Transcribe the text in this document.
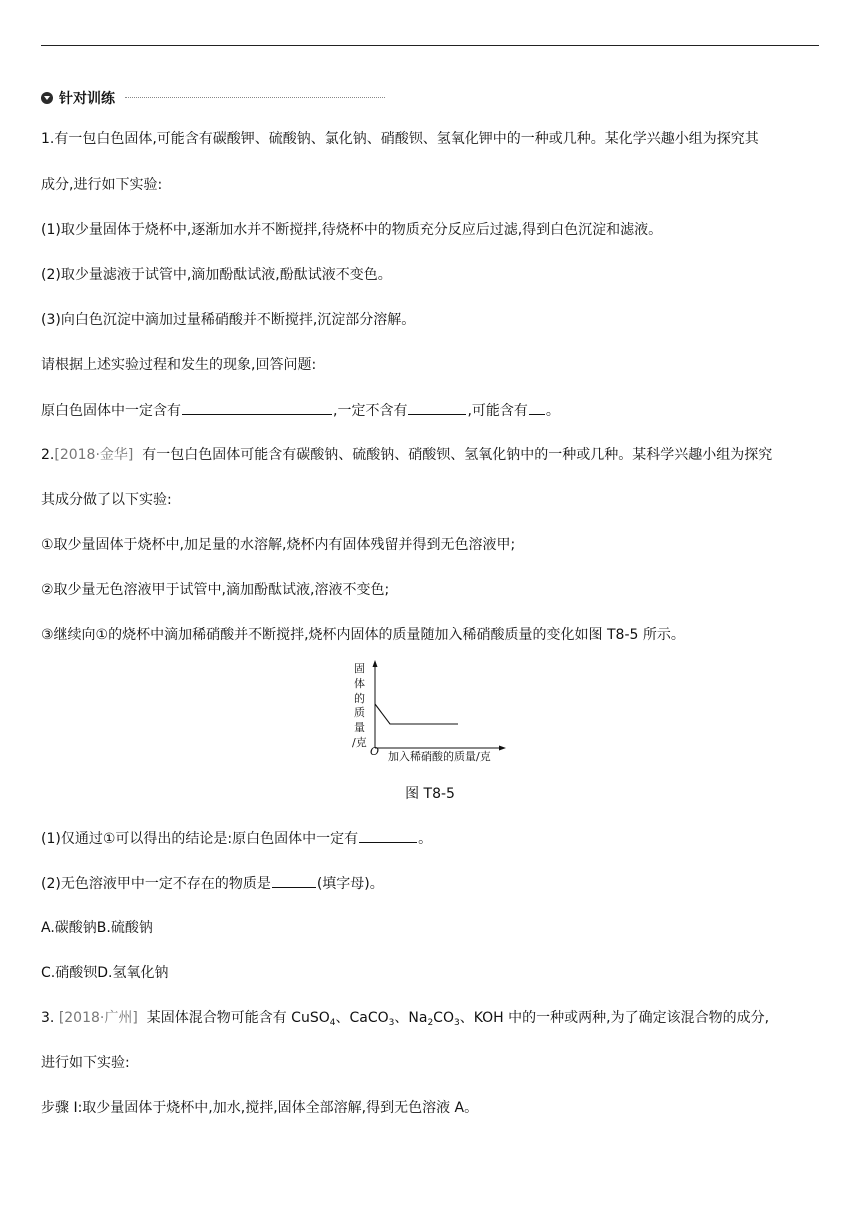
针对训练
1.有一包白色固体,可能含有碳酸钾、硫酸钠、氯化钠、硝酸钡、氢氧化钾中的一种或几种。某化学兴趣小组为探究其
成分,进行如下实验:
(1)取少量固体于烧杯中,逐渐加水并不断搅拌,待烧杯中的物质充分反应后过滤,得到白色沉淀和滤液。
(2)取少量滤液于试管中,滴加酚酞试液,酚酞试液不变色。
(3)向白色沉淀中滴加过量稀硝酸并不断搅拌,沉淀部分溶解。
请根据上述实验过程和发生的现象,回答问题:
原白色固体中一定含有	,一定不含有	,可能含有 。
2.[2018·金华] 有一包白色固体可能含有碳酸钠、硫酸钠、硝酸钡、氢氧化钠中的一种或几种。某科学兴趣小组为探究
其成分做了以下实验:
①取少量固体于烧杯中,加足量的水溶解,烧杯内有固体残留并得到无色溶液甲;
②取少量无色溶液甲于试管中,滴加酚酞试液,溶液不变色;
③继续向①的烧杯中滴加稀硝酸并不断搅拌,烧杯内固体的质量随加入稀硝酸质量的变化如图 T8-5 所示。
固
体
的
质
量
/克
O 加入稀硝酸的质量/克
图 T8-5
(1)仅通过①可以得出的结论是:原白色固体中一定有	。
(2)无色溶液甲中一定不存在的物质是	(填字母)。
A.碳酸钠B.硫酸钠
C.硝酸钡D.氢氧化钠
3. [2018·广州] 某固体混合物可能含有 CuSO$_4$、CaCO$_3$、$Na_2CO_3$、KOH 中的一种或两种,为了确定该混合物的成分,
进行如下实验:
步骤 I:取少量固体于烧杯中,加水,搅拌,固体全部溶解,得到无色溶液 A。
